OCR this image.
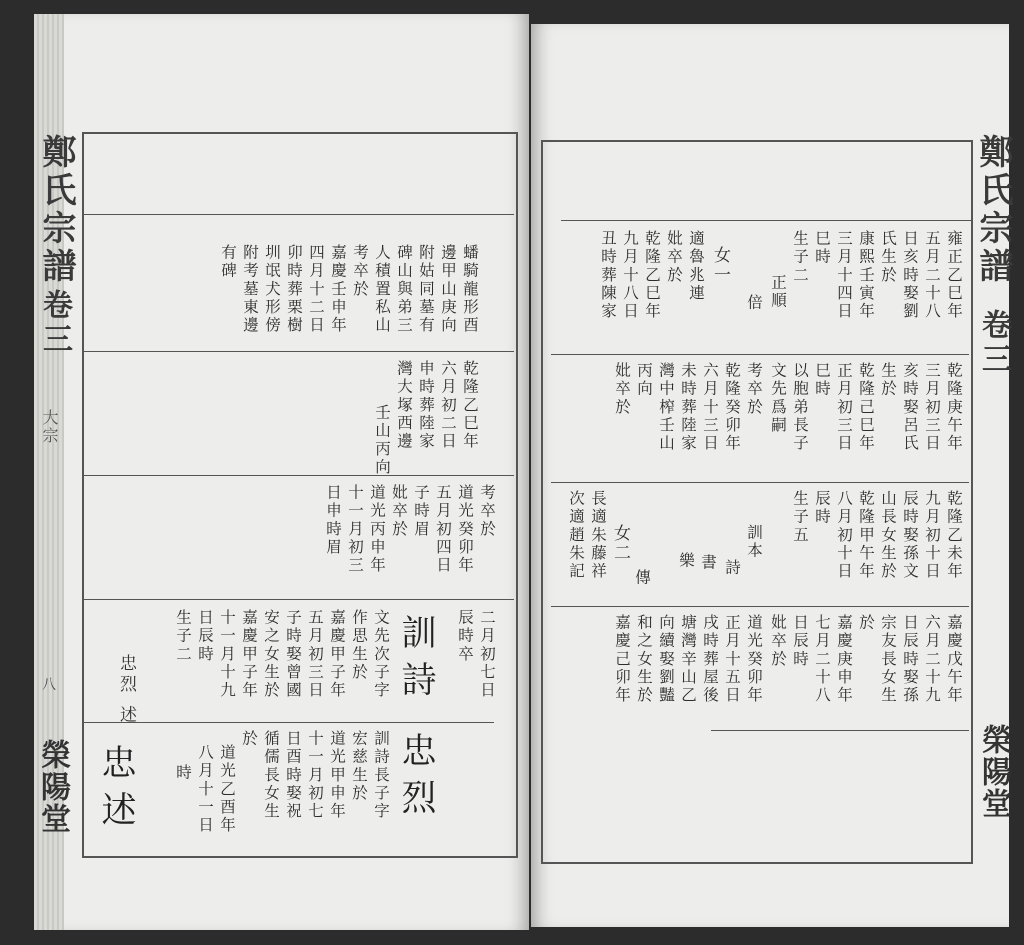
鄭氏宗譜
卷三
大宗
八
榮陽堂
蟠騎龍形酉
邊甲山庚向
附姑同墓有
碑山與弟三
人積置私山
考卒於
嘉慶壬申年
四月十二日
卯時葬栗樹
圳氓犬形傍
附考墓東邊
有碑
乾隆乙巳年
六月初二日
申時葬陸家
灣大塚西邊
壬山丙向
考卒於
道光癸卯年
五月初四日
子時眉
妣卒於
道光丙申年
十一月初三
日申時眉
二月初七日
辰時卒
訓詩
文先次子字
作思生於
嘉慶甲子年
五月初三日
子時娶曾國
安之女生於
嘉慶甲子年
十一月十九
日辰時
生子二
忠烈 述
忠烈
訓詩長子字
宏慈生於
道光甲申年
十一月初七
日酉時娶祝
循儒長女生
於
道光乙酉年
八月十一日
時
忠述
鄭氏宗譜
卷三
榮陽堂
雍正乙巳年
五月二十八
日亥時娶劉
氏生於
康熙壬寅年
三月十四日
巳時
生子二
正順
倍
女一
適魯兆連
妣卒於
乾隆乙巳年
九月十八日
丑時葬陳家
乾隆庚午年
三月初三日
亥時娶呂氏
生於
乾隆己巳年
正月初三日
巳時
以胞弟長子
文先爲嗣
考卒於
乾隆癸卯年
六月十三日
未時葬陸家
灣中榨壬山
丙向
妣卒於
乾隆乙未年
九月初十日
辰時娶孫文
山長女生於
乾隆甲午年
八月初十日
辰時
生子五
訓本
詩
書
樂
傳
女二
長適朱藤祥
次適趙朱記
嘉慶戊午年
六月二十九
日辰時娶孫
宗友長女生
於
嘉慶庚申年
七月二十八
日辰時
妣卒於
道光癸卯年
正月十五日
戌時葬屋後
塘灣辛山乙
向續娶劉豔
和之女生於
嘉慶己卯年
